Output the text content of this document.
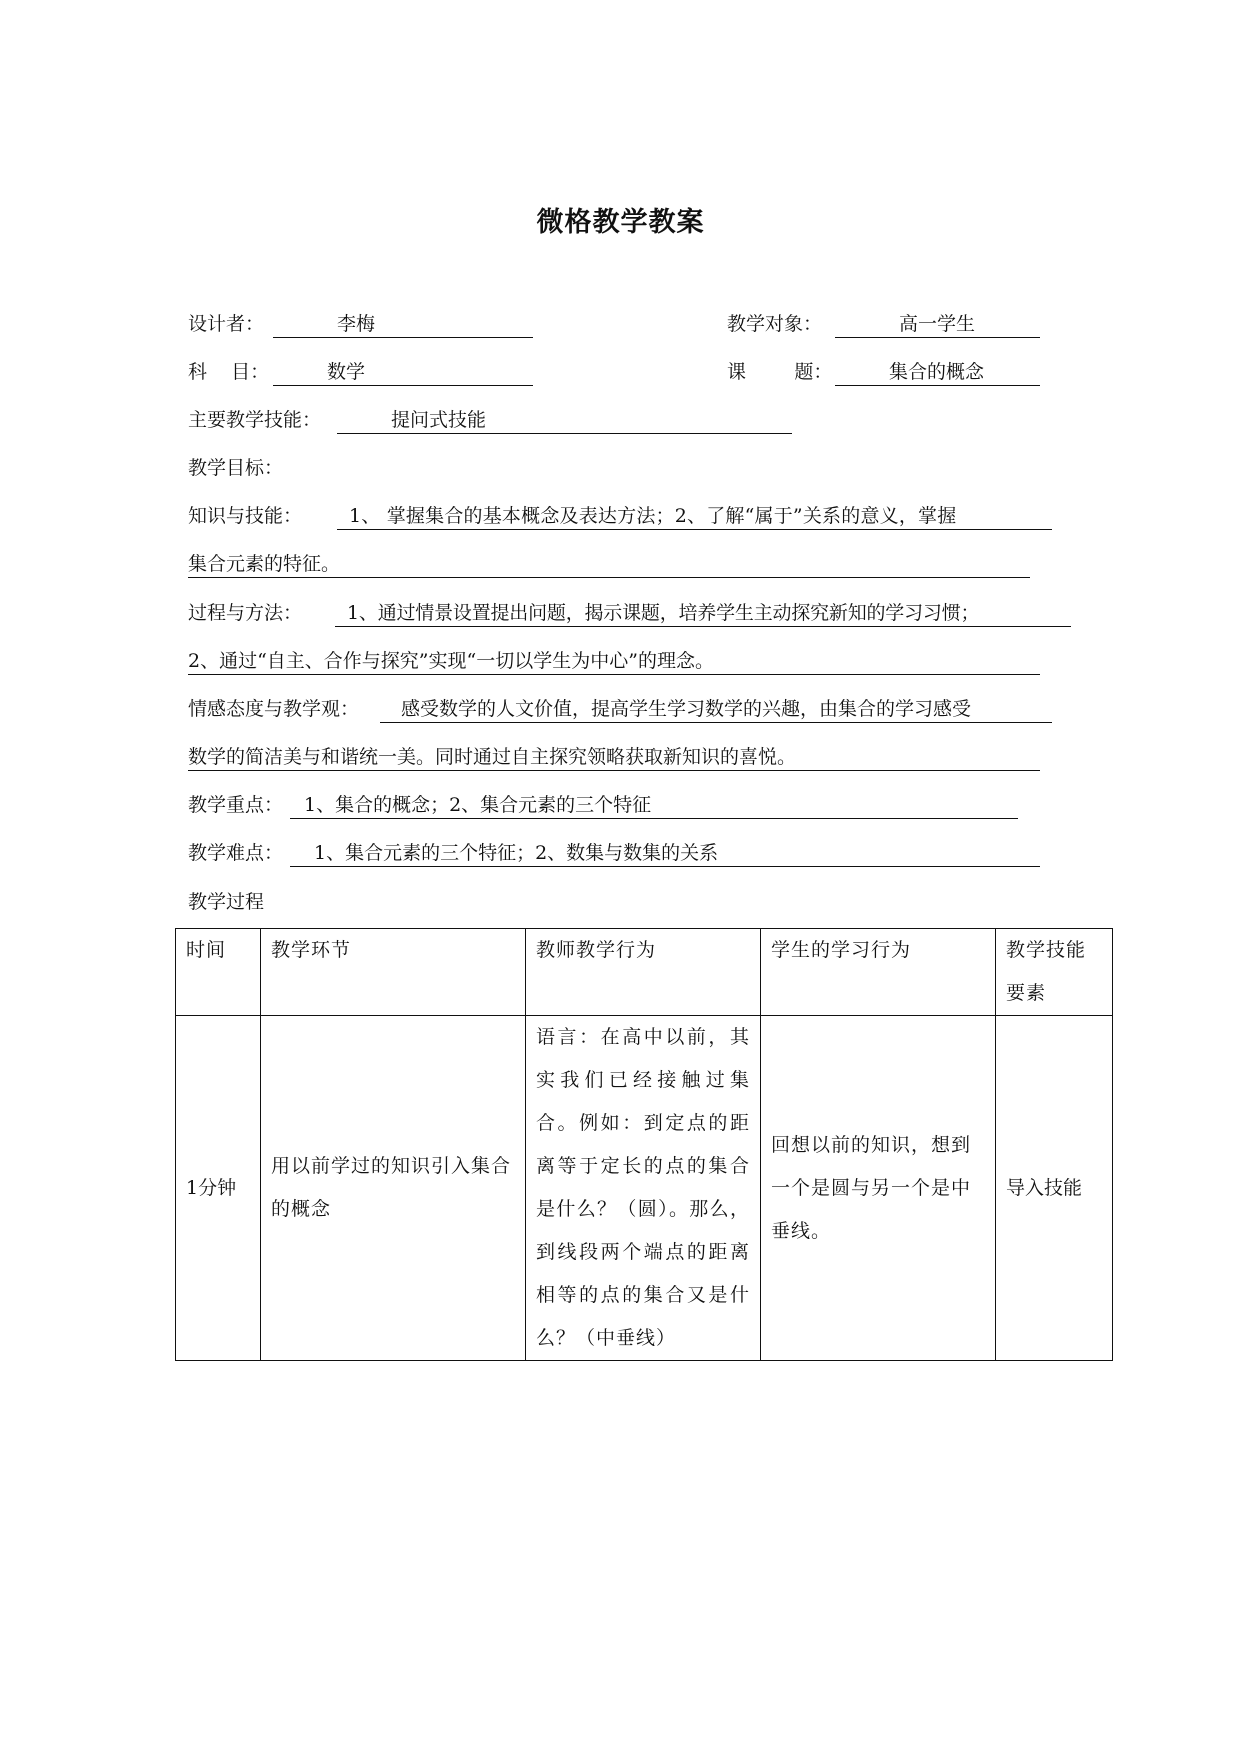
微格教学教案
设计者：	李梅	教学对象：	高一学生
科    目：	数学	课        题：	集合的概念
主要教学技能：	提问式技能
教学目标：
知识与技能：	1、 掌握集合的基本概念及表达方法；2、了解“属于”关系的意义，掌握
集合元素的特征。
过程与方法：	1、通过情景设置提出问题，揭示课题，培养学生主动探究新知的学习习惯；
2、通过“自主、合作与探究”实现“一切以学生为中心”的理念。
情感态度与教学观：	感受数学的人文价值，提高学生学习数学的兴趣，由集合的学习感受
数学的简洁美与和谐统一美。同时通过自主探究领略获取新知识的喜悦。
教学重点：	1、集合的概念；2、集合元素的三个特征
教学难点：	1、集合元素的三个特征；2、数集与数集的关系
教学过程
时间	教学环节	教师教学行为	学生的学习行为	教学技能要素
1分钟	用以前学过的知识引入集合的概念	语言：在高中以前，其实我们已经接触过集合。例如：到定点的距离等于定长的点的集合是什么？（圆）。那么，到线段两个端点的距离相等的点的集合又是什么？（中垂线）	回想以前的知识，想到一个是圆与另一个是中垂线。	导入技能
